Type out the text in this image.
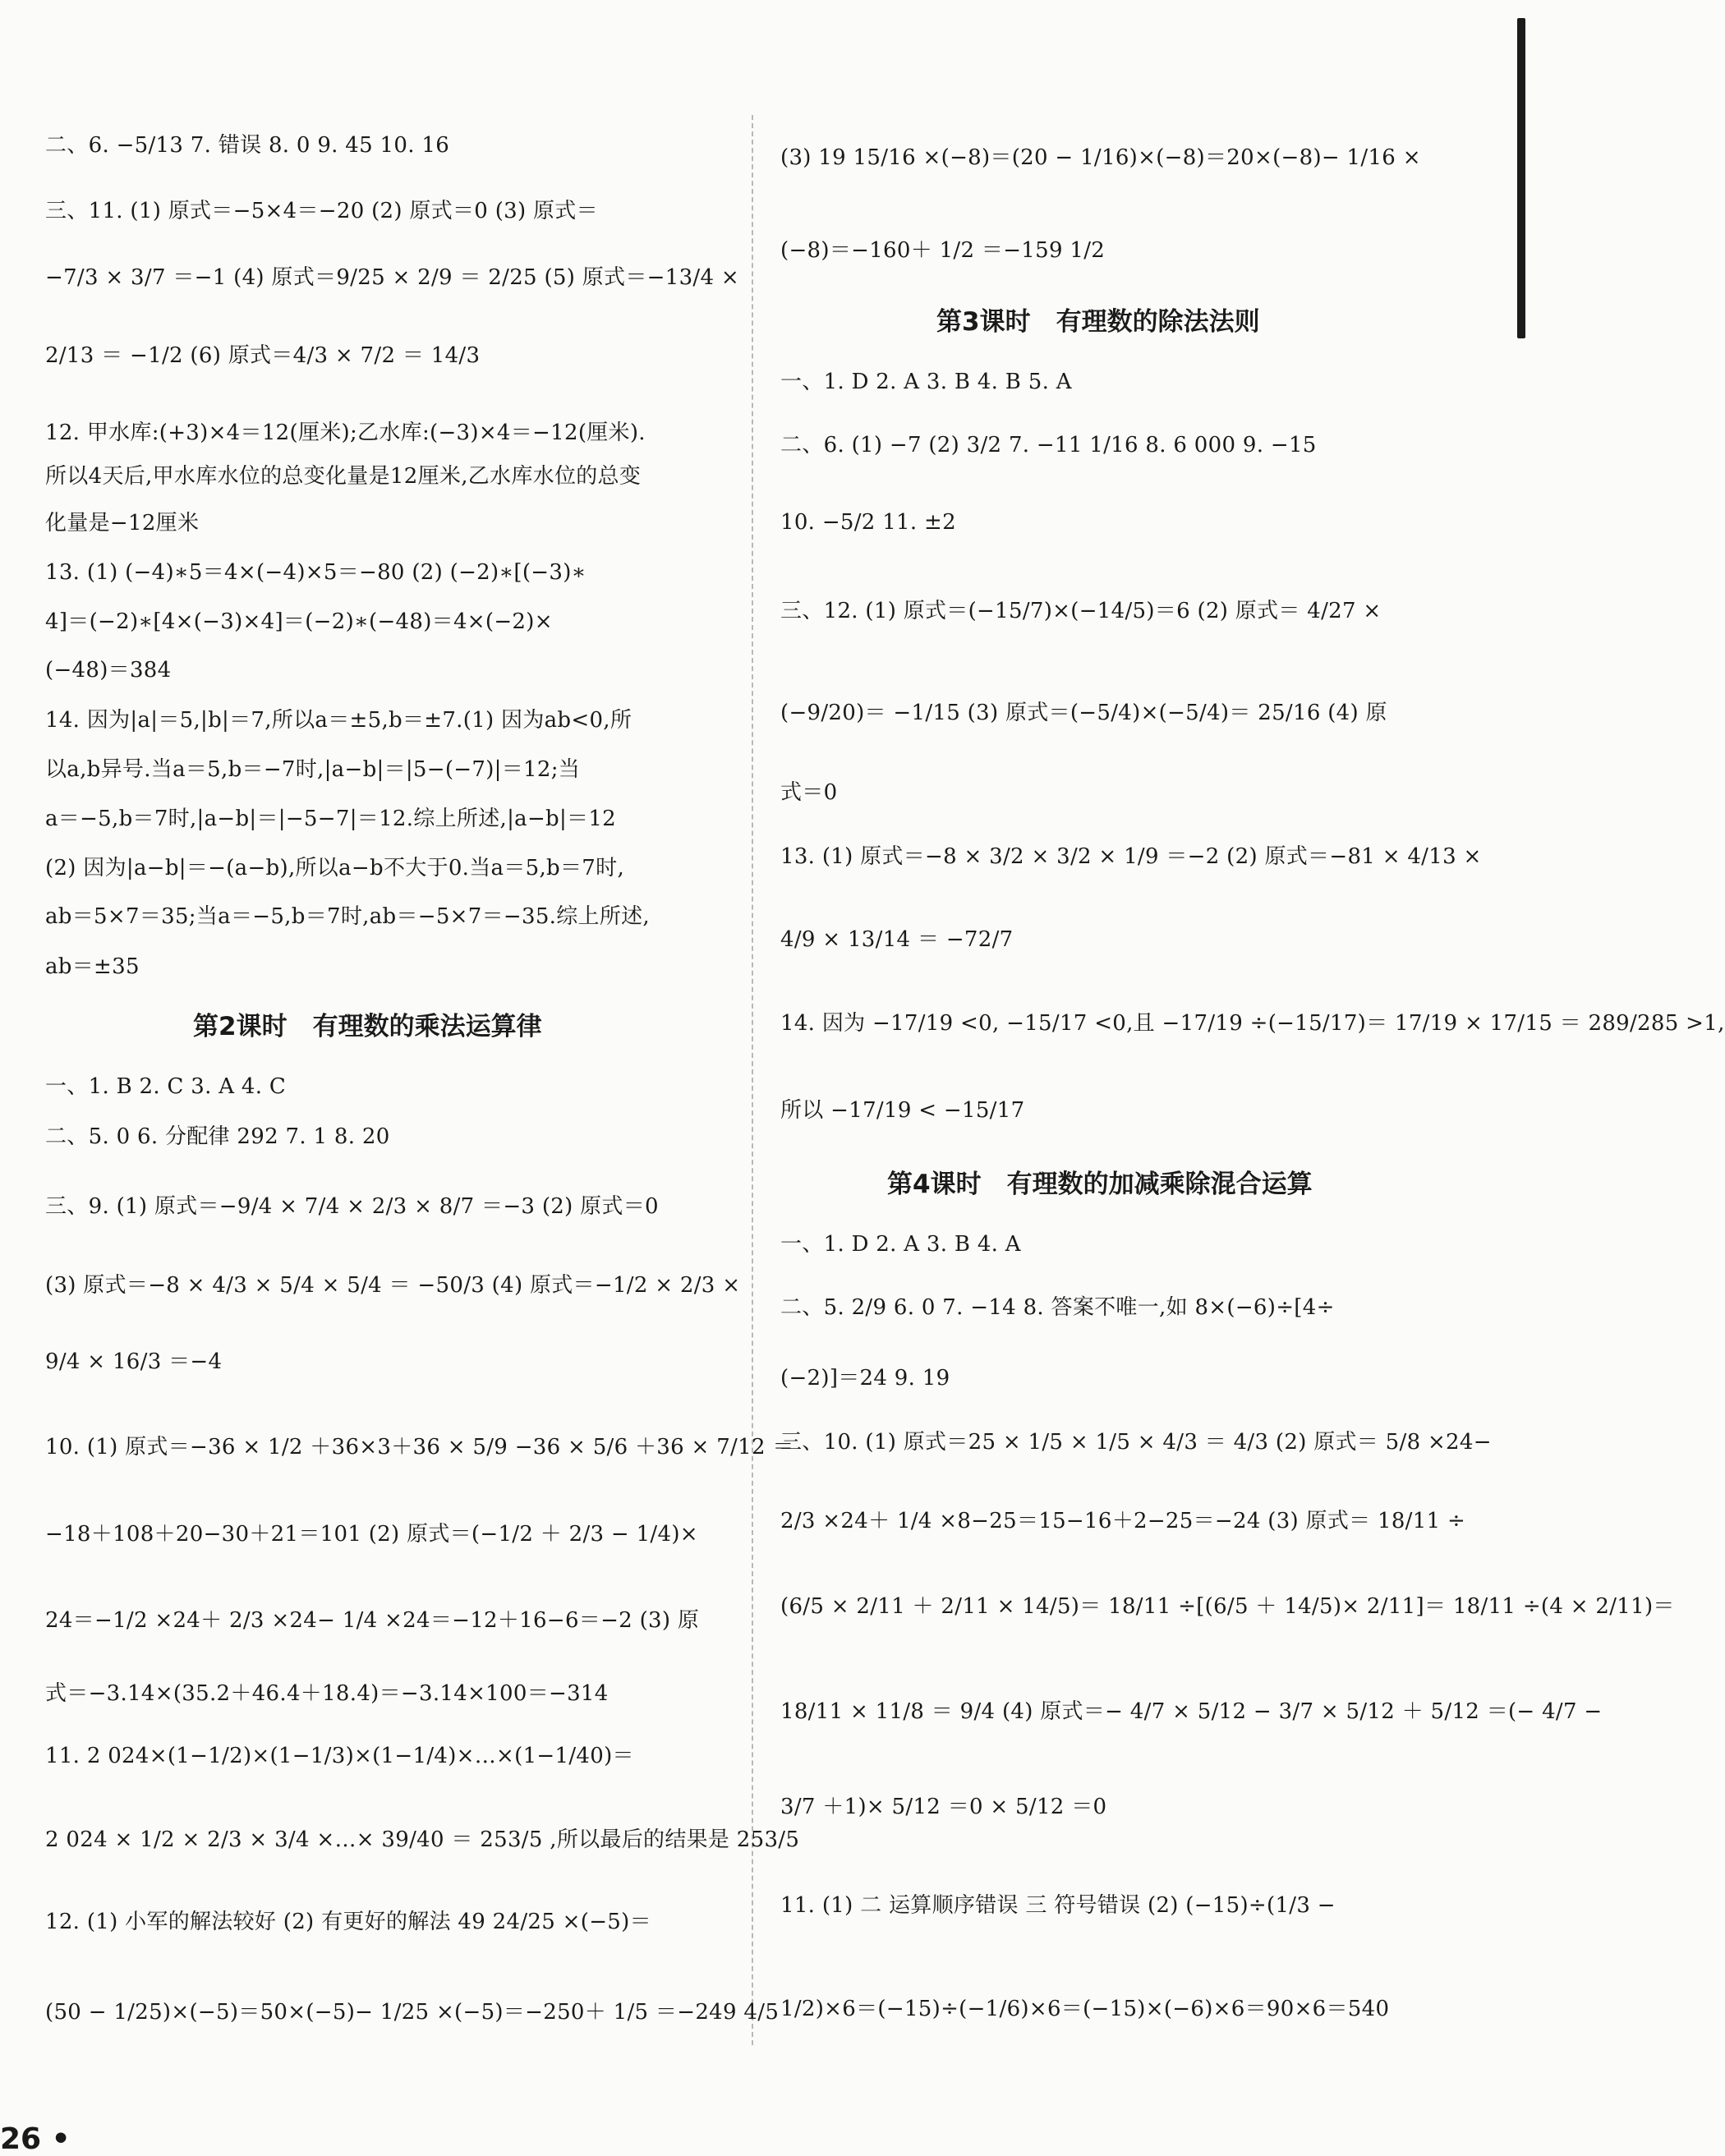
二、6. −5/13 7. 错误 8. 0 9. 45 10. 16
三、11. (1) 原式＝−5×4＝−20 (2) 原式＝0 (3) 原式＝
−7/3 × 3/7 ＝−1 (4) 原式＝9/25 × 2/9 ＝ 2/25 (5) 原式＝−13/4 ×
2/13 ＝ −1/2 (6) 原式＝4/3 × 7/2 ＝ 14/3
12. 甲水库:(+3)×4＝12(厘米);乙水库:(−3)×4＝−12(厘米).
所以4天后,甲水库水位的总变化量是12厘米,乙水库水位的总变
化量是−12厘米
13. (1) (−4)∗5＝4×(−4)×5＝−80 (2) (−2)∗[(−3)∗
4]＝(−2)∗[4×(−3)×4]＝(−2)∗(−48)＝4×(−2)×
(−48)＝384
14. 因为|a|＝5,|b|＝7,所以a＝±5,b＝±7.(1) 因为ab<0,所
以a,b异号.当a＝5,b＝−7时,|a−b|＝|5−(−7)|＝12;当
a＝−5,b＝7时,|a−b|＝|−5−7|＝12.综上所述,|a−b|＝12
(2) 因为|a−b|＝−(a−b),所以a−b不大于0.当a＝5,b＝7时,
ab＝5×7＝35;当a＝−5,b＝7时,ab＝−5×7＝−35.综上所述,
ab＝±35
第2课时　有理数的乘法运算律
一、1. B 2. C 3. A 4. C
二、5. 0 6. 分配律 292 7. 1 8. 20
三、9. (1) 原式＝−9/4 × 7/4 × 2/3 × 8/7 ＝−3 (2) 原式＝0
(3) 原式＝−8 × 4/3 × 5/4 × 5/4 ＝ −50/3 (4) 原式＝−1/2 × 2/3 ×
9/4 × 16/3 ＝−4
10. (1) 原式＝−36 × 1/2 ＋36×3＋36 × 5/9 −36 × 5/6 ＋36 × 7/12 ＝
−18＋108＋20−30＋21＝101 (2) 原式＝(−1/2 ＋ 2/3 − 1/4)×
24＝−1/2 ×24＋ 2/3 ×24− 1/4 ×24＝−12＋16−6＝−2 (3) 原
式＝−3.14×(35.2＋46.4＋18.4)＝−3.14×100＝−314
11. 2 024×(1−1/2)×(1−1/3)×(1−1/4)×…×(1−1/40)＝
2 024 × 1/2 × 2/3 × 3/4 ×…× 39/40 ＝ 253/5 ,所以最后的结果是 253/5
12. (1) 小军的解法较好 (2) 有更好的解法 49 24/25 ×(−5)＝
(50 − 1/25)×(−5)＝50×(−5)− 1/25 ×(−5)＝−250＋ 1/5 ＝−249 4/5
(3) 19 15/16 ×(−8)＝(20 − 1/16)×(−8)＝20×(−8)− 1/16 ×
(−8)＝−160＋ 1/2 ＝−159 1/2
第3课时　有理数的除法法则
一、1. D 2. A 3. B 4. B 5. A
二、6. (1) −7 (2) 3/2 7. −11 1/16 8. 6 000 9. −15
10. −5/2 11. ±2
三、12. (1) 原式＝(−15/7)×(−14/5)＝6 (2) 原式＝ 4/27 ×
(−9/20)＝ −1/15 (3) 原式＝(−5/4)×(−5/4)＝ 25/16 (4) 原
式＝0
13. (1) 原式＝−8 × 3/2 × 3/2 × 1/9 ＝−2 (2) 原式＝−81 × 4/13 ×
4/9 × 13/14 ＝ −72/7
14. 因为 −17/19 <0, −15/17 <0,且 −17/19 ÷(−15/17)＝ 17/19 × 17/15 ＝ 289/285 >1,
所以 −17/19 < −15/17
第4课时　有理数的加减乘除混合运算
一、1. D 2. A 3. B 4. A
二、5. 2/9 6. 0 7. −14 8. 答案不唯一,如 8×(−6)÷[4÷
(−2)]＝24 9. 19
三、10. (1) 原式＝25 × 1/5 × 1/5 × 4/3 ＝ 4/3 (2) 原式＝ 5/8 ×24−
2/3 ×24＋ 1/4 ×8−25＝15−16＋2−25＝−24 (3) 原式＝ 18/11 ÷
(6/5 × 2/11 ＋ 2/11 × 14/5)＝ 18/11 ÷[(6/5 ＋ 14/5)× 2/11]＝ 18/11 ÷(4 × 2/11)＝
18/11 × 11/8 ＝ 9/4 (4) 原式＝− 4/7 × 5/12 − 3/7 × 5/12 ＋ 5/12 ＝(− 4/7 −
3/7 ＋1)× 5/12 ＝0 × 5/12 ＝0
11. (1) 二 运算顺序错误 三 符号错误 (2) (−15)÷(1/3 −
1/2)×6＝(−15)÷(−1/6)×6＝(−15)×(−6)×6＝90×6＝540
26 •
